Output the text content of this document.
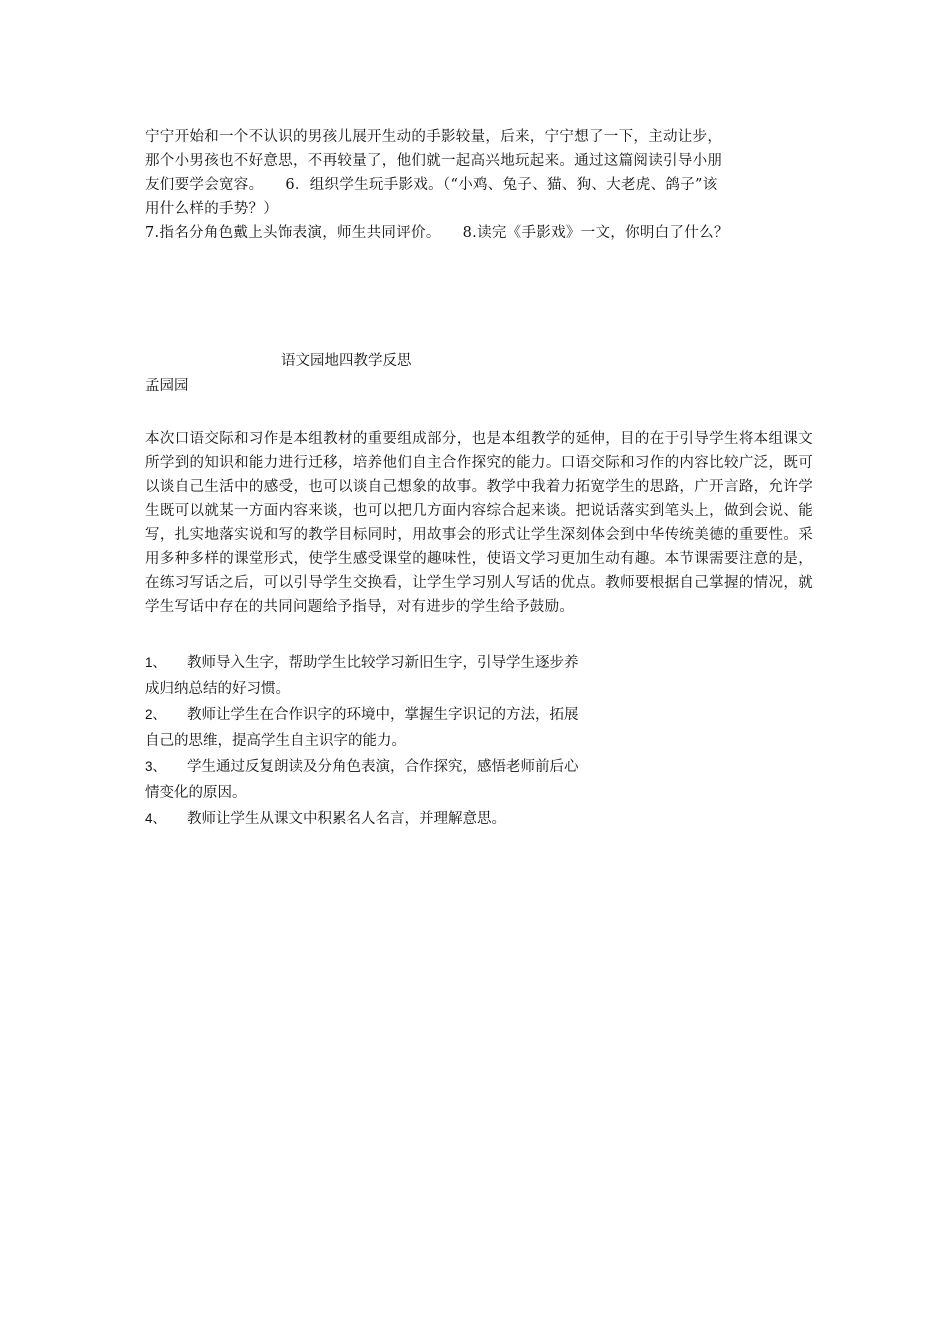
宁宁开始和一个不认识的男孩儿展开生动的手影较量，后来，宁宁想了一下，主动让步，
那个小男孩也不好意思，不再较量了，他们就一起高兴地玩起来。通过这篇阅读引导小朋
友们要学会宽容。 6．组织学生玩手影戏。（“小鸡、兔子、猫、狗、大老虎、鸽子”该
用什么样的手势？）
7.指名分角色戴上头饰表演，师生共同评价。 8.读完《手影戏》一文，你明白了什么？
语文园地四教学反思
孟园园

本次口语交际和习作是本组教材的重要组成部分，也是本组教学的延伸，目的在于引导学生将本组课文所学到的知识和能力进行迁移，培养他们自主合作探究的能力。口语交际和习作的内容比较广泛，既可以谈自己生活中的感受，也可以谈自己想象的故事。教学中我着力拓宽学生的思路，广开言路，允许学生既可以就某一方面内容来谈，也可以把几方面内容综合起来谈。把说话落实到笔头上，做到会说、能写，扎实地落实说和写的教学目标同时，用故事会的形式让学生深刻体会到中华传统美德的重要性。采用多种多样的课堂形式，使学生感受课堂的趣味性，使语文学习更加生动有趣。本节课需要注意的是，在练习写话之后，可以引导学生交换看，让学生学习别人写话的优点。教师要根据自己掌握的情况，就学生写话中存在的共同问题给予指导，对有进步的学生给予鼓励。

1、 教师导入生字，帮助学生比较学习新旧生字，引导学生逐步养
成归纳总结的好习惯。
2、 教师让学生在合作识字的环境中，掌握生字识记的方法，拓展
自己的思维，提高学生自主识字的能力。
3、 学生通过反复朗读及分角色表演，合作探究，感悟老师前后心
情变化的原因。
4、 教师让学生从课文中积累名人名言，并理解意思。
